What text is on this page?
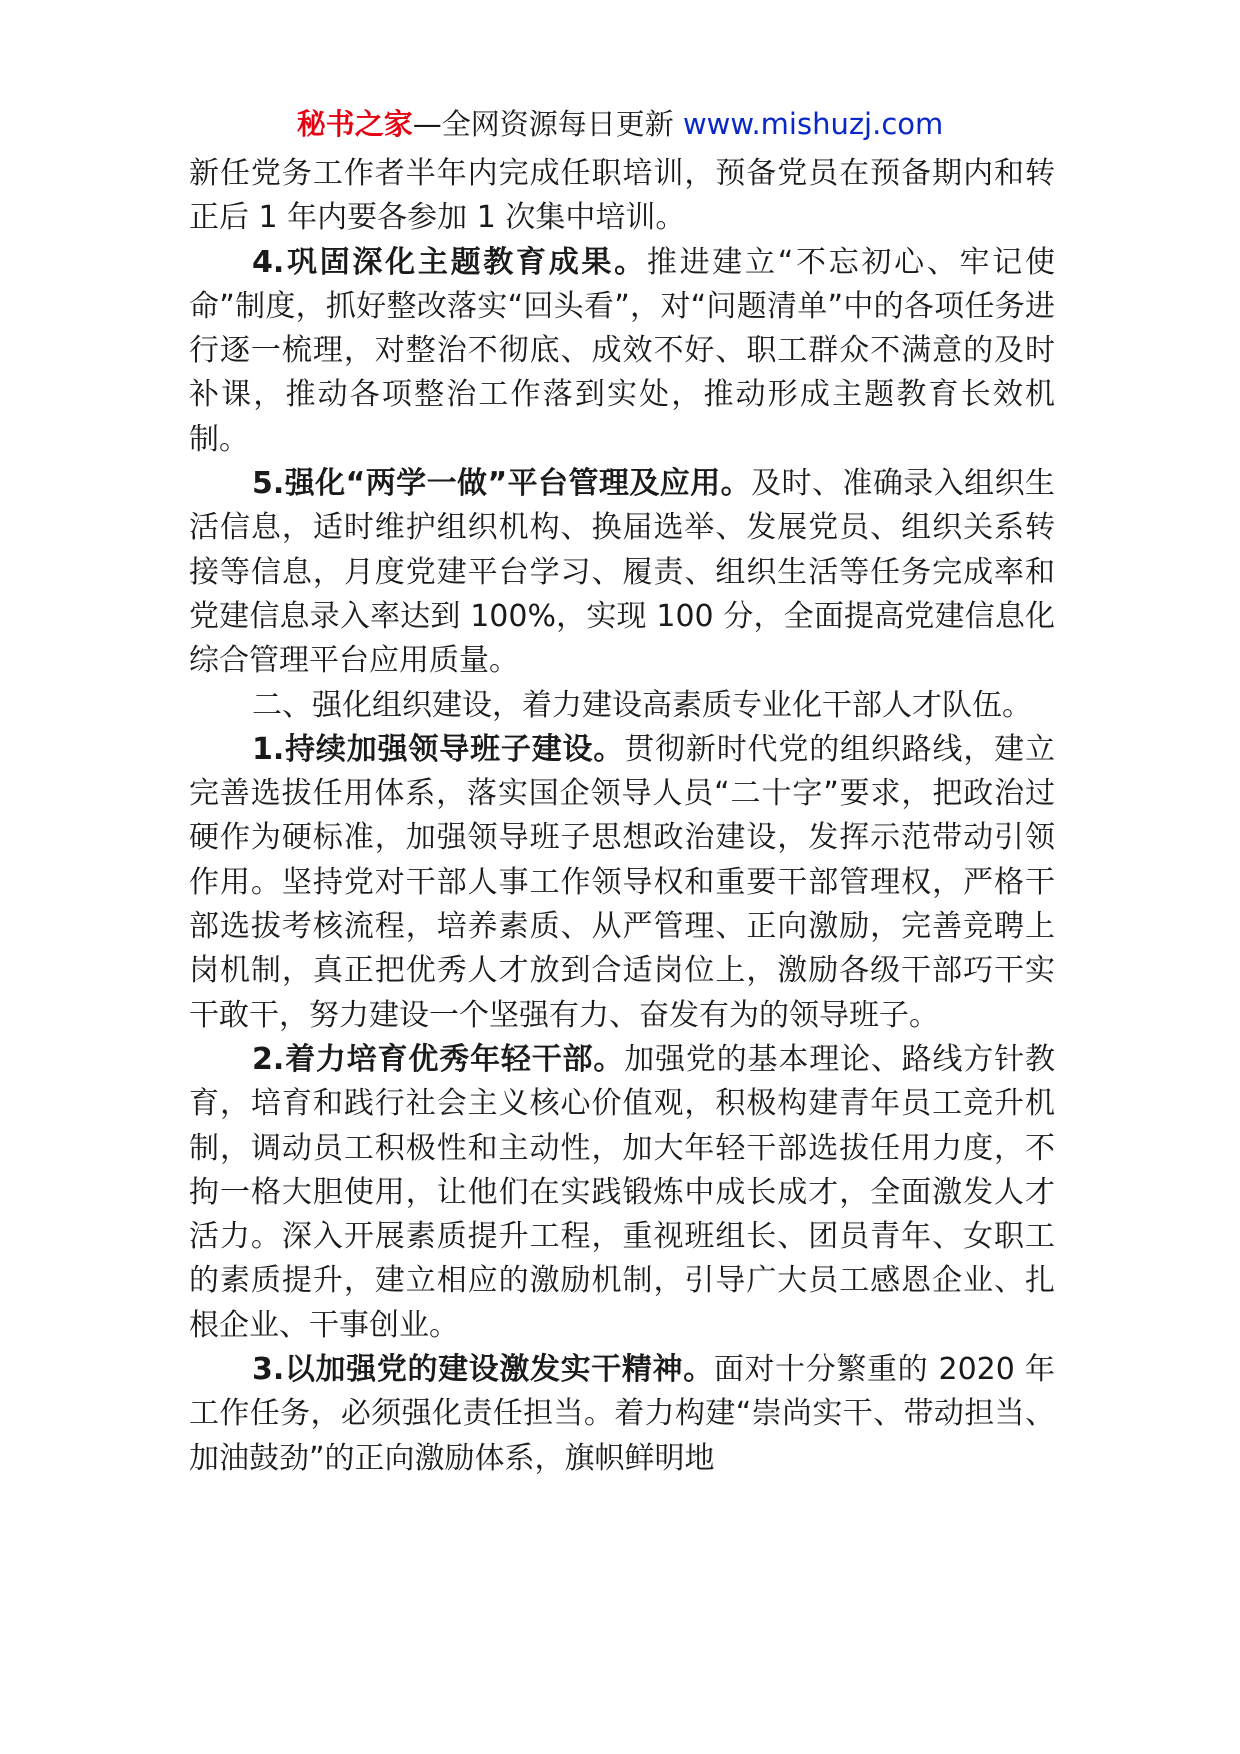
秘书之家—全网资源每日更新 www.mishuzj.com

新任党务工作者半年内完成任职培训，预备党员在预备期内和转正后 1 年内要各参加 1 次集中培训。

4.巩固深化主题教育成果。推进建立“不忘初心、牢记使命”制度，抓好整改落实“回头看”，对“问题清单”中的各项任务进行逐一梳理，对整治不彻底、成效不好、职工群众不满意的及时补课，推动各项整治工作落到实处，推动形成主题教育长效机制。

5.强化“两学一做”平台管理及应用。及时、准确录入组织生活信息，适时维护组织机构、换届选举、发展党员、组织关系转接等信息，月度党建平台学习、履责、组织生活等任务完成率和党建信息录入率达到 100%，实现 100 分，全面提高党建信息化综合管理平台应用质量。

二、强化组织建设，着力建设高素质专业化干部人才队伍。

1.持续加强领导班子建设。贯彻新时代党的组织路线，建立完善选拔任用体系，落实国企领导人员“二十字”要求，把政治过硬作为硬标准，加强领导班子思想政治建设，发挥示范带动引领作用。坚持党对干部人事工作领导权和重要干部管理权，严格干部选拔考核流程，培养素质、从严管理、正向激励，完善竞聘上岗机制，真正把优秀人才放到合适岗位上，激励各级干部巧干实干敢干，努力建设一个坚强有力、奋发有为的领导班子。

2.着力培育优秀年轻干部。加强党的基本理论、路线方针教育，培育和践行社会主义核心价值观，积极构建青年员工竞升机制，调动员工积极性和主动性，加大年轻干部选拔任用力度，不拘一格大胆使用，让他们在实践锻炼中成长成才，全面激发人才活力。深入开展素质提升工程，重视班组长、团员青年、女职工的素质提升，建立相应的激励机制，引导广大员工感恩企业、扎根企业、干事创业。

3.以加强党的建设激发实干精神。面对十分繁重的 2020 年工作任务，必须强化责任担当。着力构建“崇尚实干、带动担当、加油鼓劲”的正向激励体系，旗帜鲜明地
